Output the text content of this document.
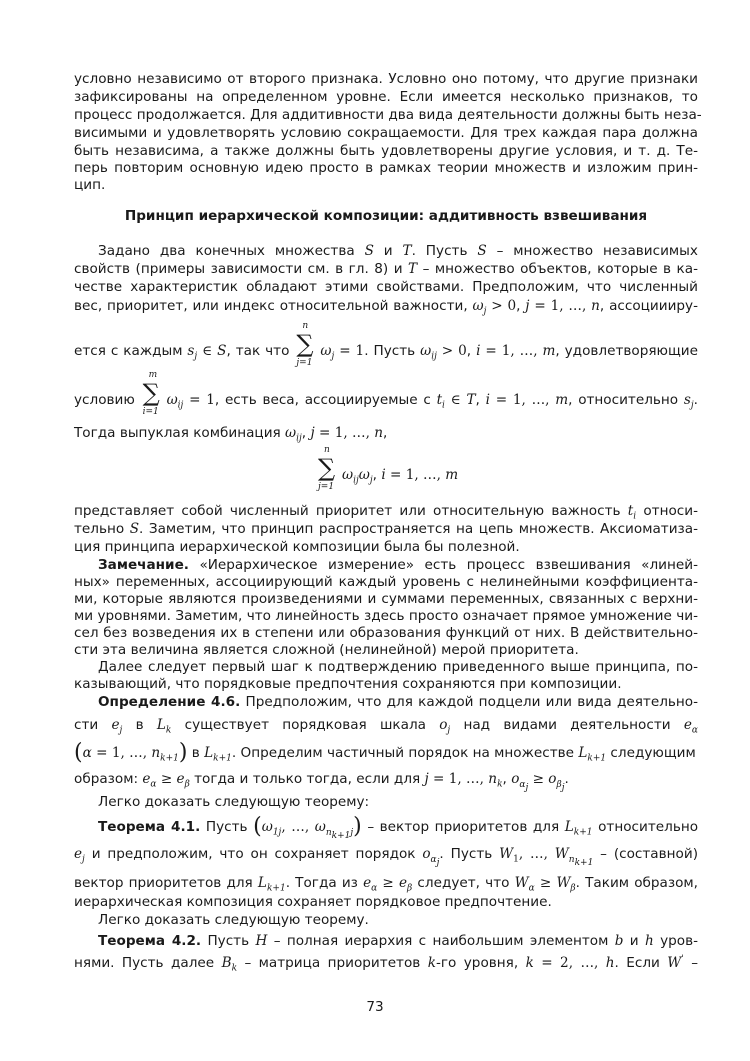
условно независимо от второго признака. Условно оно потому, что другие признаки
зафиксированы на определенном уровне. Если имеется несколько признаков, то
процесс продолжается. Для аддитивности два вида деятельности должны быть неза-
висимыми и удовлетворять условию сокращаемости. Для трех каждая пара должна
быть независима, а также должны быть удовлетворены другие условия, и т. д. Те-
перь повторим основную идею просто в рамках теории множеств и изложим прин-
цип.
Принцип иерархической композиции: аддитивность взвешивания
Задано два конечных множества S и T. Пусть S – множество независимых
свойств (примеры зависимости см. в гл. 8) и T – множество объектов, которые в ка-
честве характеристик обладают этими свойствами. Предположим, что численный
вес, приоритет, или индекс относительной важности, $\omega_j > 0$, j = 1, …, n, ассоциииру-
ется с каждым $s_j$ ∈ S, так что ∑
n
j=1
$\omega_j = 1$. Пусть $\omega_{ij} > 0$, i = 1, …, m, удовлетворяющие
условию ∑
m
i=1
$\omega_{ij} = 1$, есть веса, ассоциируемые с $t_i$ ∈ T, i = 1, …, m, относительно $s_j$.
Тогда выпуклая комбинация $\omega_{ij}$, j = 1, …, n,
∑
n
j=1
$\omega_{ij}\omega_j$, i = 1, …, m
представляет собой численный приоритет или относительную важность $t_i$ относи-
тельно S. Заметим, что принцип распространяется на цепь множеств. Аксиоматиза-
ция принципа иерархической композиции была бы полезной.
Замечание. «Иерархическое измерение» есть процесс взвешивания «линей-
ных» переменных, ассоциирующий каждый уровень с нелинейными коэффициента-
ми, которые являются произведениями и суммами переменных, связанных с верхни-
ми уровнями. Заметим, что линейность здесь просто означает прямое умножение чи-
сел без возведения их в степени или образования функций от них. В действительно-
сти эта величина является сложной (нелинейной) мерой приоритета.
Далее следует первый шаг к подтверждению приведенного выше принципа, по-
казывающий, что порядковые предпочтения сохраняются при композиции.
Определение 4.6. Предположим, что для каждой подцели или вида деятельно-
сти $e_j$ в $L_k$ существует порядковая шкала $o_j$ над видами деятельности $e_\alpha$
(α = 1, …, $n_{k+1}$) в $L_{k+1}$. Определим частичный порядок на множестве $L_{k+1}$ следующим
образом: $e_\alpha \ge e_\beta$ тогда и только тогда, если для j = 1, …, $n_k$, $o_{\alpha_j} \ge o_{\beta_j}$.
Легко доказать следующую теорему:
Теорема 4.1. Пусть ($\omega_{1j}$, …, $\omega_{n_{k+1}j}$) – вектор приоритетов для $L_{k+1}$ относительно
$e_j$ и предположим, что он сохраняет порядок $o_{\alpha_j}$. Пусть $W_1$, …, $W_{n_{k+1}}$ – (составной)
вектор приоритетов для $L_{k+1}$. Тогда из $e_\alpha \ge e_\beta$ следует, что $W_\alpha \ge W_\beta$. Таким образом,
иерархическая композиция сохраняет порядковое предпочтение.
Легко доказать следующую теорему.
Теорема 4.2. Пусть H – полная иерархия с наибольшим элементом b и h уров-
нями. Пусть далее $B_k$ – матрица приоритетов k-го уровня, k = 2, …, h. Если W' –
73
